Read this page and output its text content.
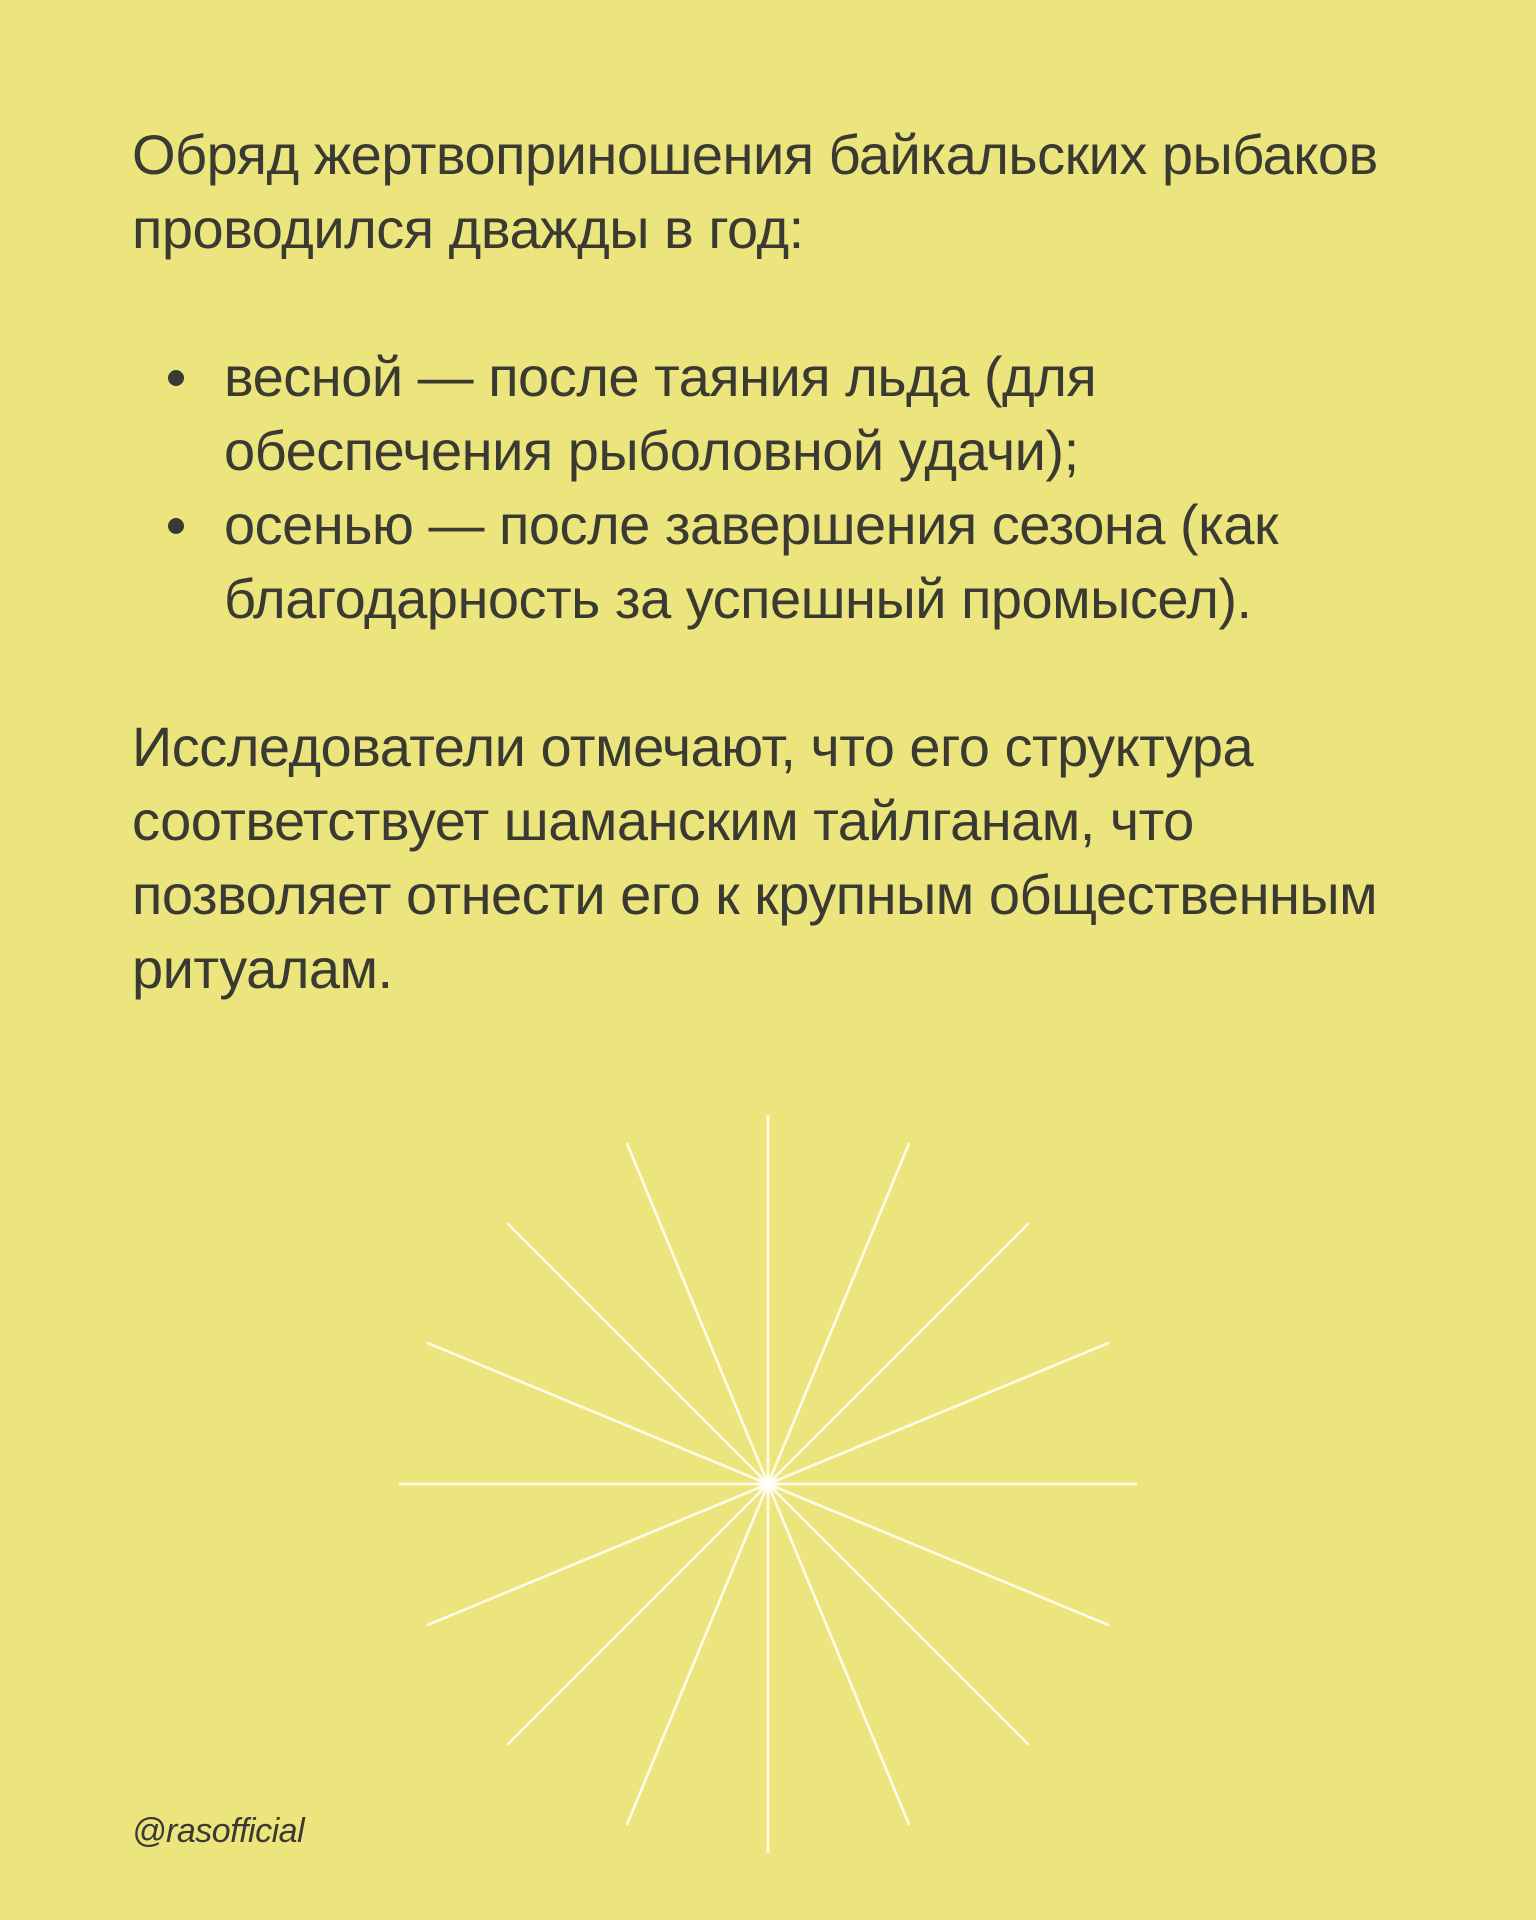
Обряд жертвоприношения байкальских рыбаков проводился дважды в год:

весной — после таяния льда (для обеспечения рыболовной удачи);
осенью — после завершения сезона (как благодарность за успешный промысел).

Исследователи отмечают, что его структура соответствует шаманским тайлганам, что позволяет отнести его к крупным общественным ритуалам.

@rasofficial
